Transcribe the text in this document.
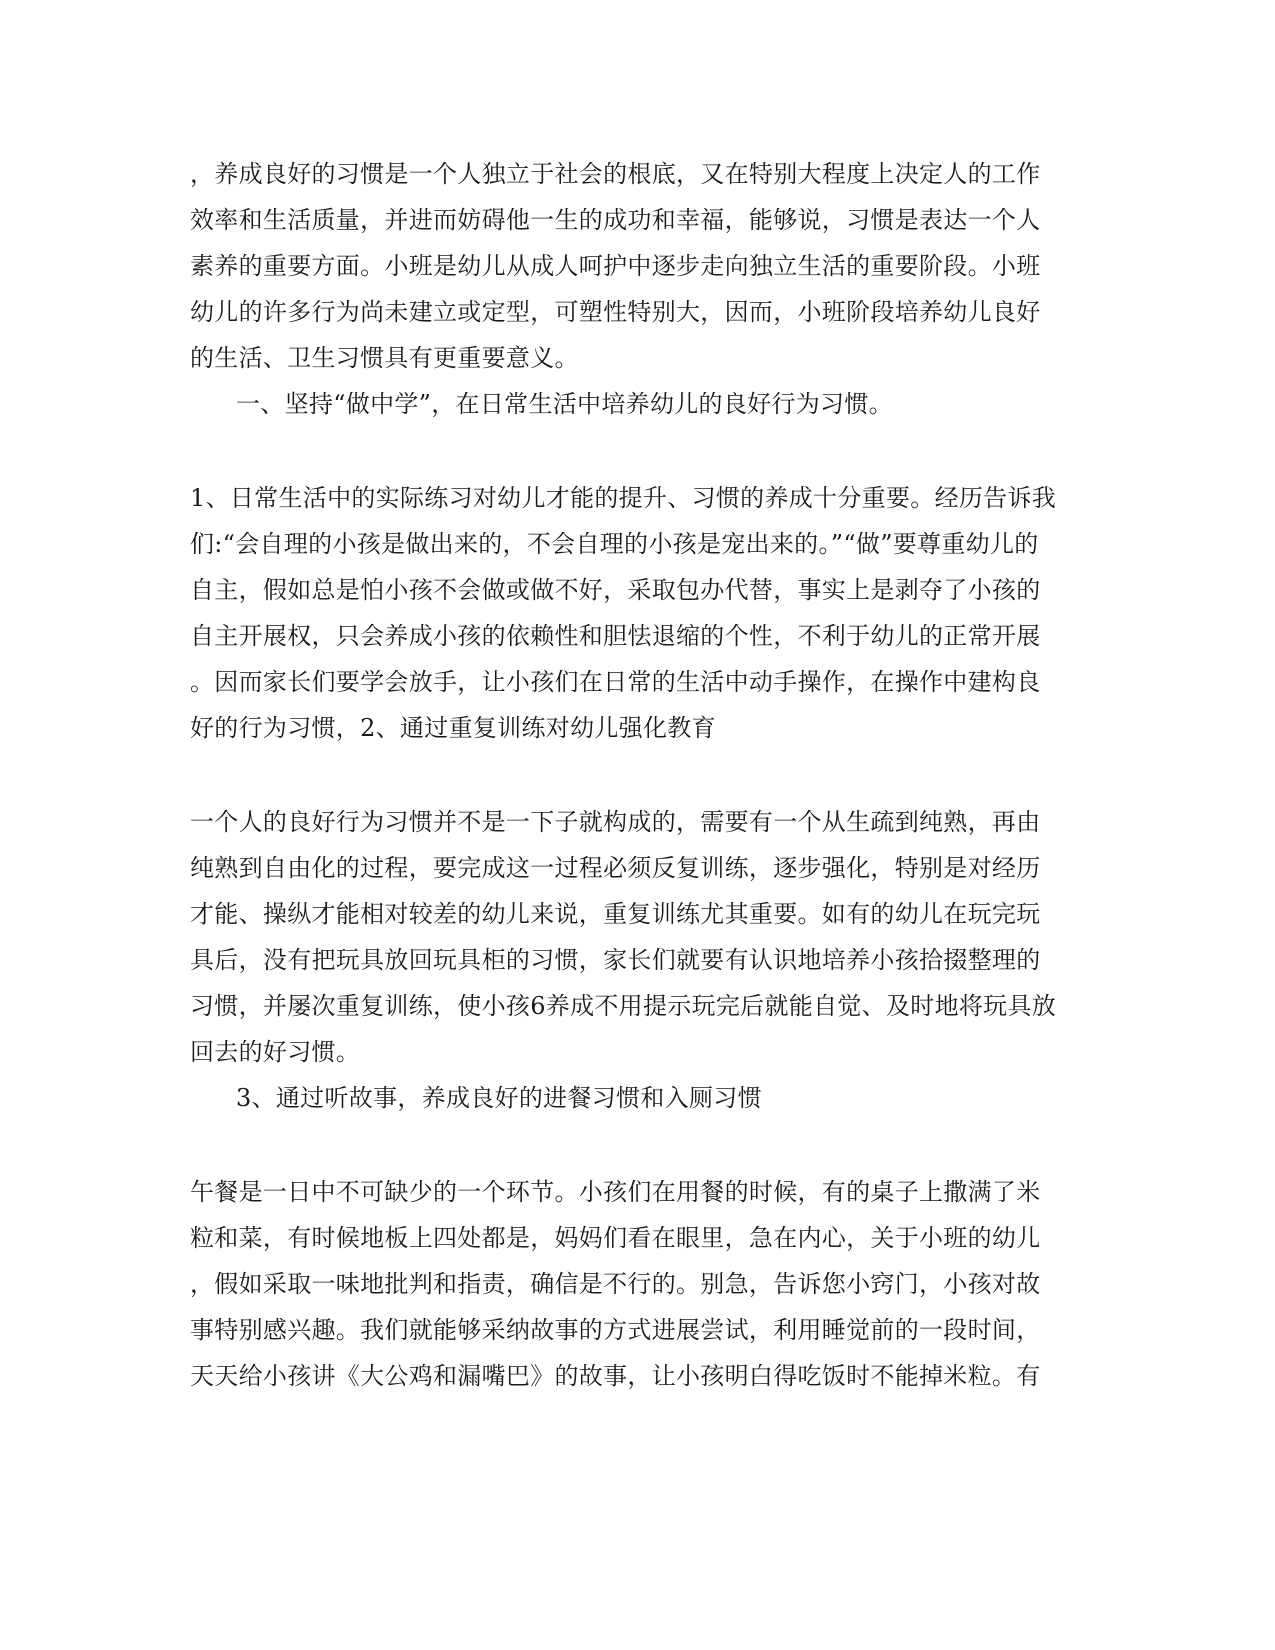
，养成良好的习惯是一个人独立于社会的根底，又在特别大程度上决定人的工作
效率和生活质量，并进而妨碍他一生的成功和幸福，能够说，习惯是表达一个人
素养的重要方面。小班是幼儿从成人呵护中逐步走向独立生活的重要阶段。小班
幼儿的许多行为尚未建立或定型，可塑性特别大，因而，小班阶段培养幼儿良好
的生活、卫生习惯具有更重要意义。
一、坚持“做中学”，在日常生活中培养幼儿的良好行为习惯。
1、日常生活中的实际练习对幼儿才能的提升、习惯的养成十分重要。经历告诉我
们:“会自理的小孩是做出来的，不会自理的小孩是宠出来的。”“做”要尊重幼儿的
自主，假如总是怕小孩不会做或做不好，采取包办代替，事实上是剥夺了小孩的
自主开展权，只会养成小孩的依赖性和胆怯退缩的个性，不利于幼儿的正常开展
。因而家长们要学会放手，让小孩们在日常的生活中动手操作，在操作中建构良
好的行为习惯，2、通过重复训练对幼儿强化教育
一个人的良好行为习惯并不是一下子就构成的，需要有一个从生疏到纯熟，再由
纯熟到自由化的过程，要完成这一过程必须反复训练，逐步强化，特别是对经历
才能、操纵才能相对较差的幼儿来说，重复训练尤其重要。如有的幼儿在玩完玩
具后，没有把玩具放回玩具柜的习惯，家长们就要有认识地培养小孩拾掇整理的
习惯，并屡次重复训练，使小孩6养成不用提示玩完后就能自觉、及时地将玩具放
回去的好习惯。
3、通过听故事，养成良好的进餐习惯和入厕习惯
午餐是一日中不可缺少的一个环节。小孩们在用餐的时候，有的桌子上撒满了米
粒和菜，有时候地板上四处都是，妈妈们看在眼里，急在内心，关于小班的幼儿
，假如采取一味地批判和指责，确信是不行的。别急，告诉您小窍门，小孩对故
事特别感兴趣。我们就能够采纳故事的方式进展尝试，利用睡觉前的一段时间，
天天给小孩讲《大公鸡和漏嘴巴》的故事，让小孩明白得吃饭时不能掉米粒。有
